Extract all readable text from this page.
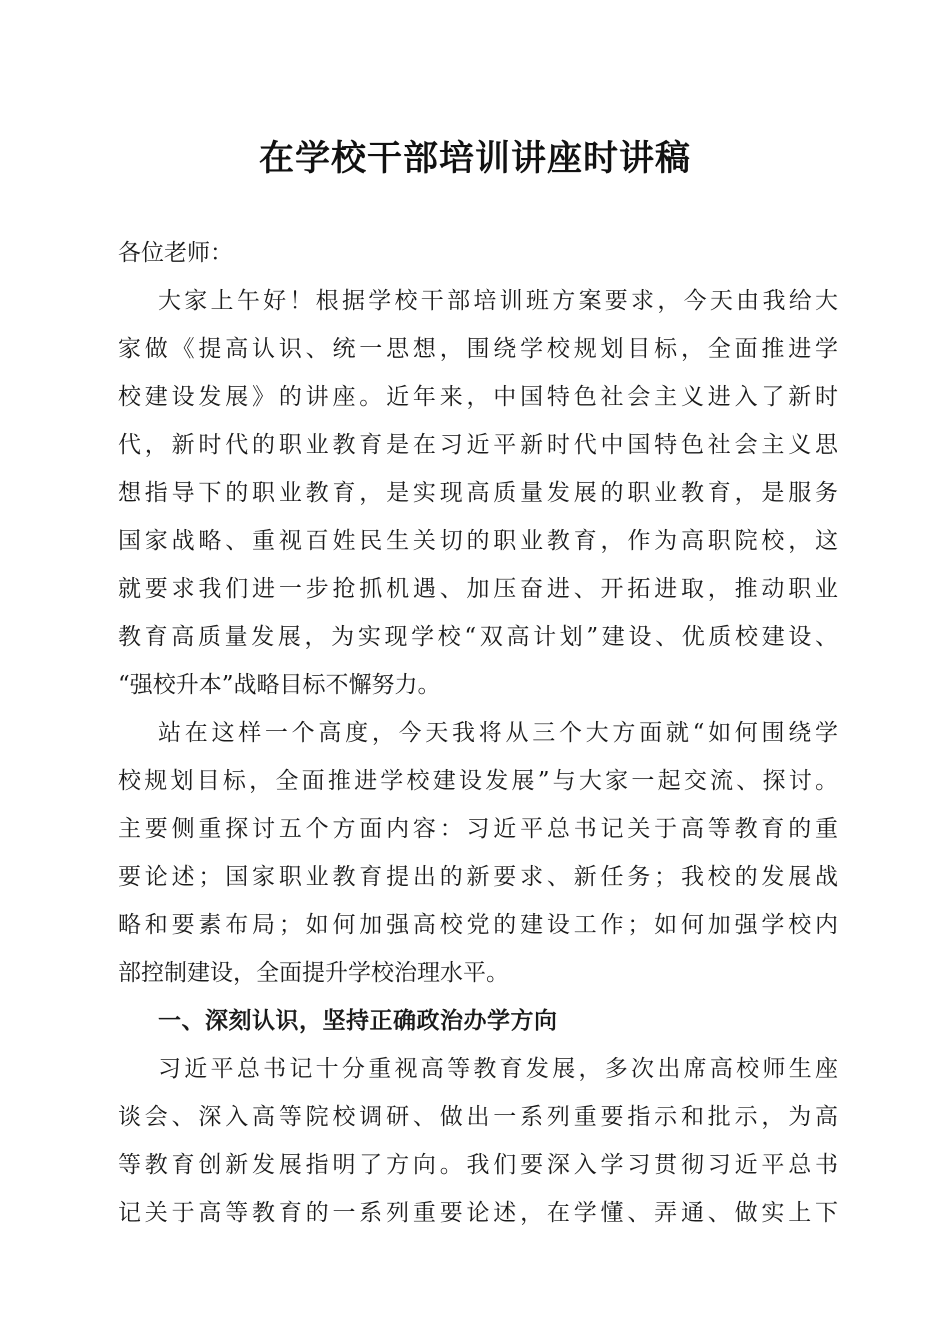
在学校干部培训讲座时讲稿
各位老师：
大家上午好！根据学校干部培训班方案要求，今天由我给大
家做《提高认识、统一思想，围绕学校规划目标，全面推进学
校建设发展》的讲座。近年来，中国特色社会主义进入了新时
代，新时代的职业教育是在习近平新时代中国特色社会主义思
想指导下的职业教育，是实现高质量发展的职业教育，是服务
国家战略、重视百姓民生关切的职业教育，作为高职院校，这
就要求我们进一步抢抓机遇、加压奋进、开拓进取，推动职业
教育高质量发展，为实现学校“双高计划”建设、优质校建设、
“强校升本”战略目标不懈努力。
站在这样一个高度，今天我将从三个大方面就“如何围绕学
校规划目标，全面推进学校建设发展”与大家一起交流、探讨。
主要侧重探讨五个方面内容：习近平总书记关于高等教育的重
要论述；国家职业教育提出的新要求、新任务；我校的发展战
略和要素布局；如何加强高校党的建设工作；如何加强学校内
部控制建设，全面提升学校治理水平。
一、深刻认识，坚持正确政治办学方向
习近平总书记十分重视高等教育发展，多次出席高校师生座
谈会、深入高等院校调研、做出一系列重要指示和批示，为高
等教育创新发展指明了方向。我们要深入学习贯彻习近平总书
记关于高等教育的一系列重要论述，在学懂、弄通、做实上下
